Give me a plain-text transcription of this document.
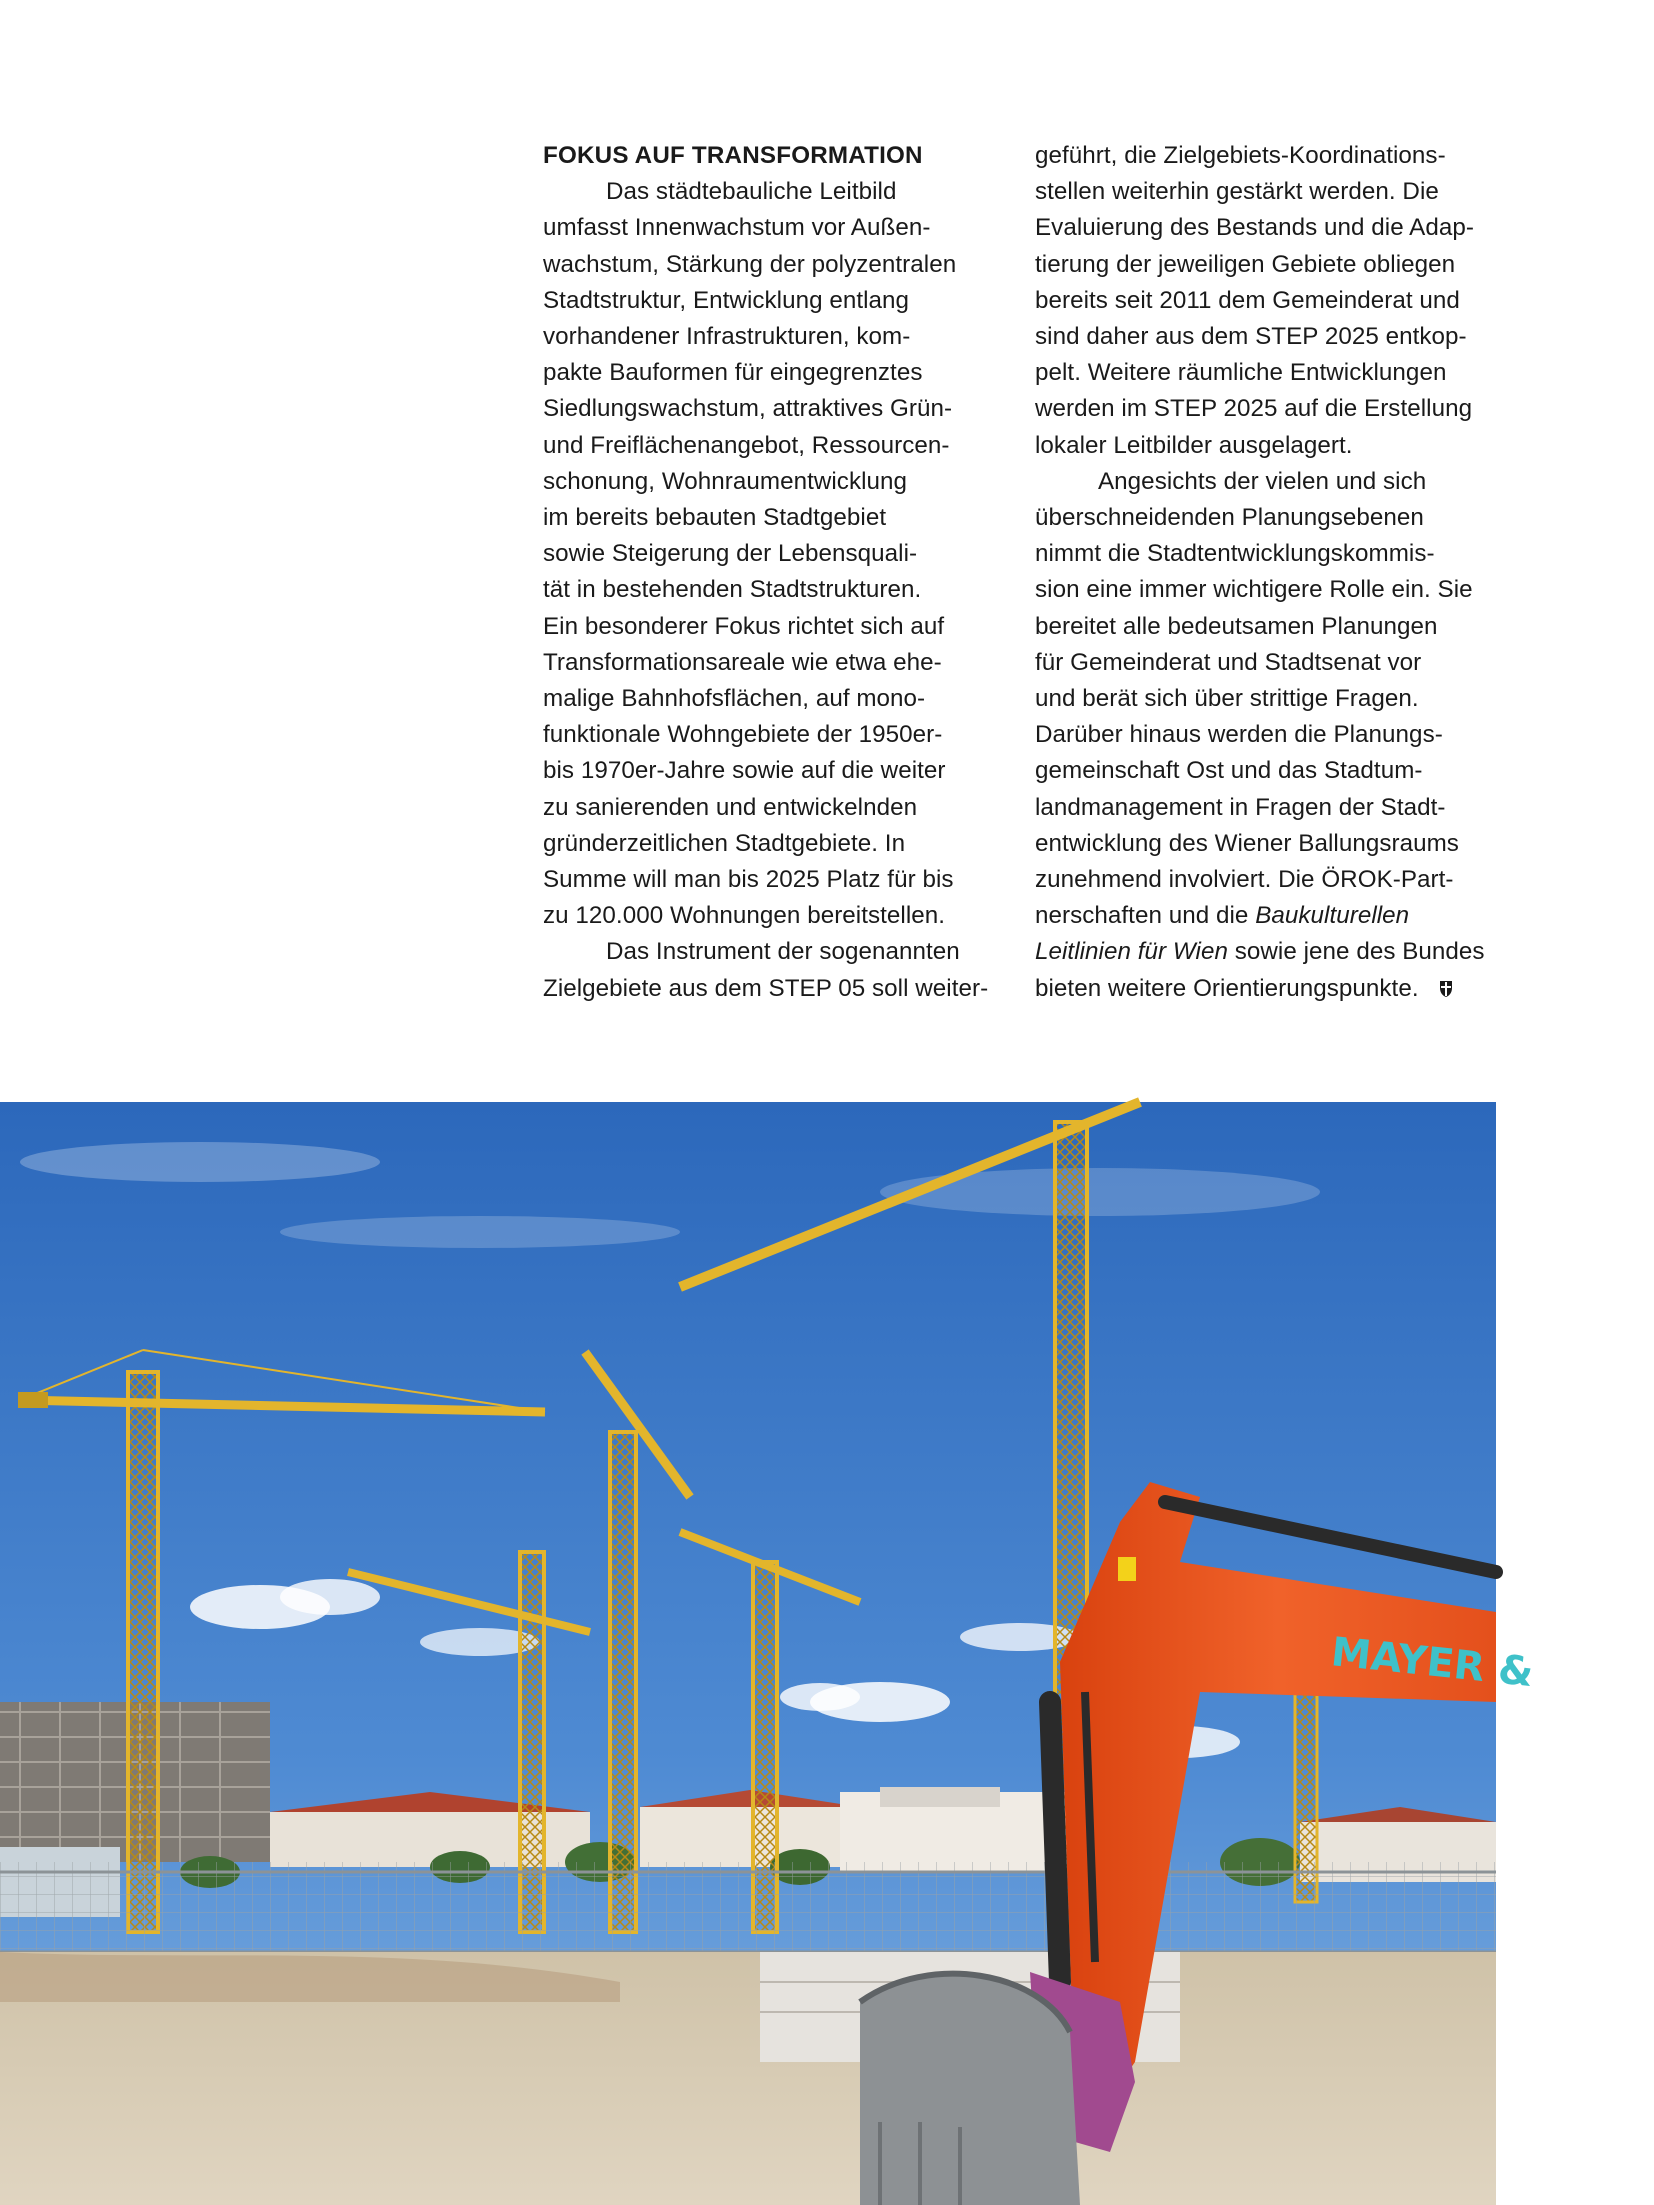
FOKUS AUF TRANSFORMATION
Das städtebauliche Leitbild
umfasst Innenwachstum vor Außen-
wachstum, Stärkung der polyzentralen
Stadtstruktur, Entwicklung entlang
vorhandener Infrastrukturen, kom-
pakte Bauformen für eingegrenztes
Siedlungswachstum, attraktives Grün-
und Freiflächenangebot, Ressourcen-
schonung, Wohnraumentwicklung
im bereits bebauten Stadtgebiet
sowie Steigerung der Lebensquali-
tät in bestehenden Stadtstrukturen.
Ein besonderer Fokus richtet sich auf
Transformationsareale wie etwa ehe-
malige Bahnhofsflächen, auf mono-
funktionale Wohngebiete der 1950er-
bis 1970er-Jahre sowie auf die weiter
zu sanierenden und entwickelnden
gründerzeitlichen Stadtgebiete. In
Summe will man bis 2025 Platz für bis
zu 120.000 Wohnungen bereitstellen.
Das Instrument der sogenannten
Zielgebiete aus dem STEP 05 soll weiter-
geführt, die Zielgebiets-Koordinations-
stellen weiterhin gestärkt werden. Die
Evaluierung des Bestands und die Adap-
tierung der jeweiligen Gebiete obliegen
bereits seit 2011 dem Gemeinderat und
sind daher aus dem STEP 2025 entkop-
pelt. Weitere räumliche Entwicklungen
werden im STEP 2025 auf die Erstellung
lokaler Leitbilder ausgelagert.
Angesichts der vielen und sich
überschneidenden Planungsebenen
nimmt die Stadtentwicklungskommis-
sion eine immer wichtigere Rolle ein. Sie
bereitet alle bedeutsamen Planungen
für Gemeinderat und Stadtsenat vor
und berät sich über strittige Fragen.
Darüber hinaus werden die Planungs-
gemeinschaft Ost und das Stadtum-
landmanagement in Fragen der Stadt-
entwicklung des Wiener Ballungsraums
zunehmend involviert. Die ÖROK-Part-
nerschaften und die Baukulturellen
Leitlinien für Wien sowie jene des Bundes
bieten weitere Orientierungspunkte.
MAYER &
